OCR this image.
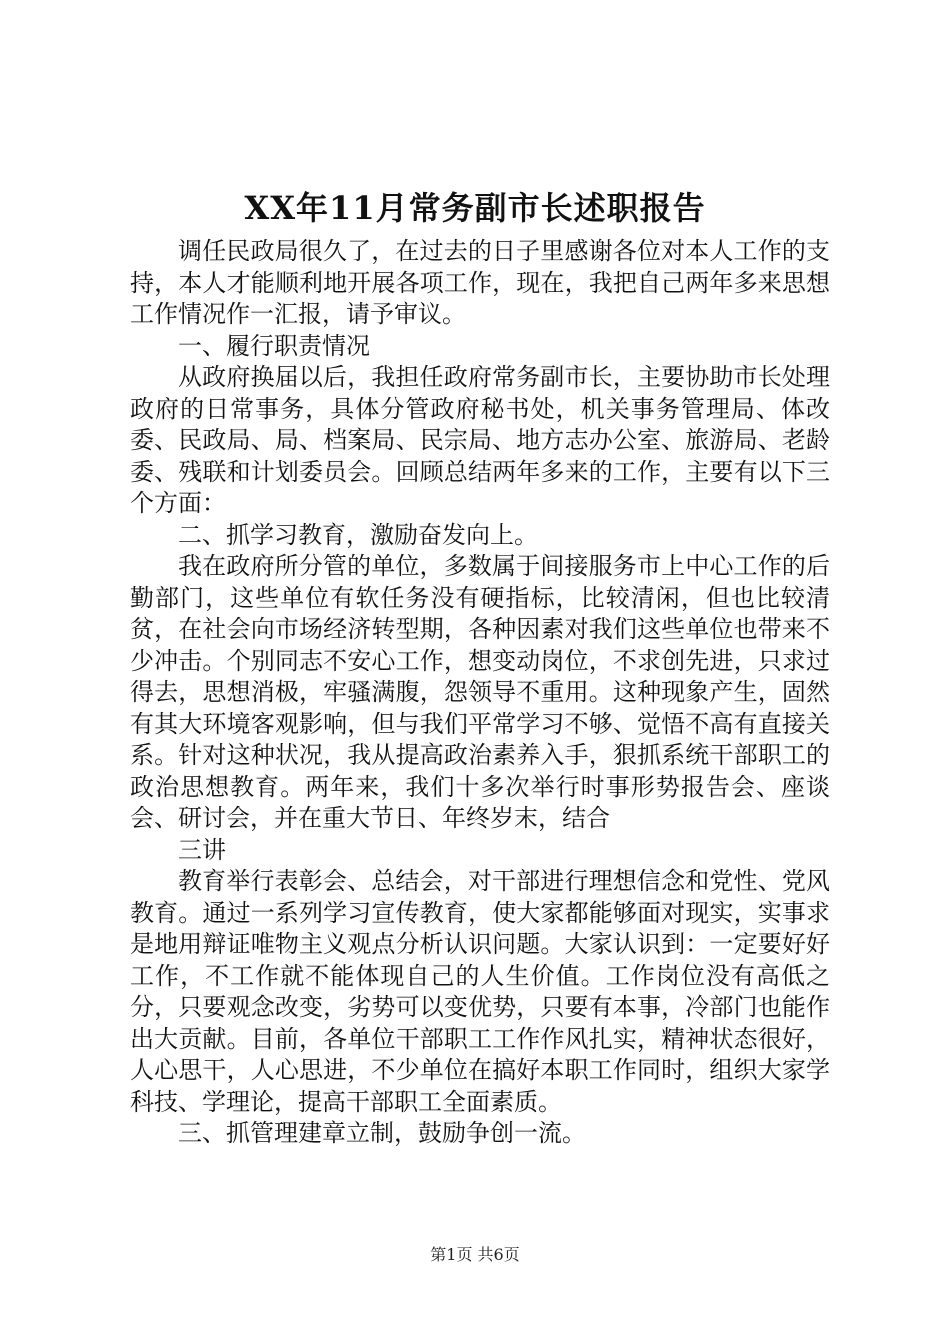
XX年11月常务副市长述职报告

调任民政局很久了，在过去的日子里感谢各位对本人工作的支持，本人才能顺利地开展各项工作，现在，我把自己两年多来思想工作情况作一汇报，请予审议。

一、履行职责情况

从政府换届以后，我担任政府常务副市长，主要协助市长处理政府的日常事务，具体分管政府秘书处，机关事务管理局、体改委、民政局、局、档案局、民宗局、地方志办公室、旅游局、老龄委、残联和计划委员会。回顾总结两年多来的工作，主要有以下三个方面：

二、抓学习教育，激励奋发向上。

我在政府所分管的单位，多数属于间接服务市上中心工作的后勤部门，这些单位有软任务没有硬指标，比较清闲，但也比较清贫，在社会向市场经济转型期，各种因素对我们这些单位也带来不少冲击。个别同志不安心工作，想变动岗位，不求创先进，只求过得去，思想消极，牢骚满腹，怨领导不重用。这种现象产生，固然有其大环境客观影响，但与我们平常学习不够、觉悟不高有直接关系。针对这种状况，我从提高政治素养入手，狠抓系统干部职工的政治思想教育。两年来，我们十多次举行时事形势报告会、座谈会、研讨会，并在重大节日、年终岁末，结合

三讲

教育举行表彰会、总结会，对干部进行理想信念和党性、党风教育。通过一系列学习宣传教育，使大家都能够面对现实，实事求是地用辩证唯物主义观点分析认识问题。大家认识到：一定要好好工作，不工作就不能体现自己的人生价值。工作岗位没有高低之分，只要观念改变，劣势可以变优势，只要有本事，冷部门也能作出大贡献。目前，各单位干部职工工作作风扎实，精神状态很好，人心思干，人心思进，不少单位在搞好本职工作同时，组织大家学科技、学理论，提高干部职工全面素质。

三、抓管理建章立制，鼓励争创一流。

第1页 共6页
